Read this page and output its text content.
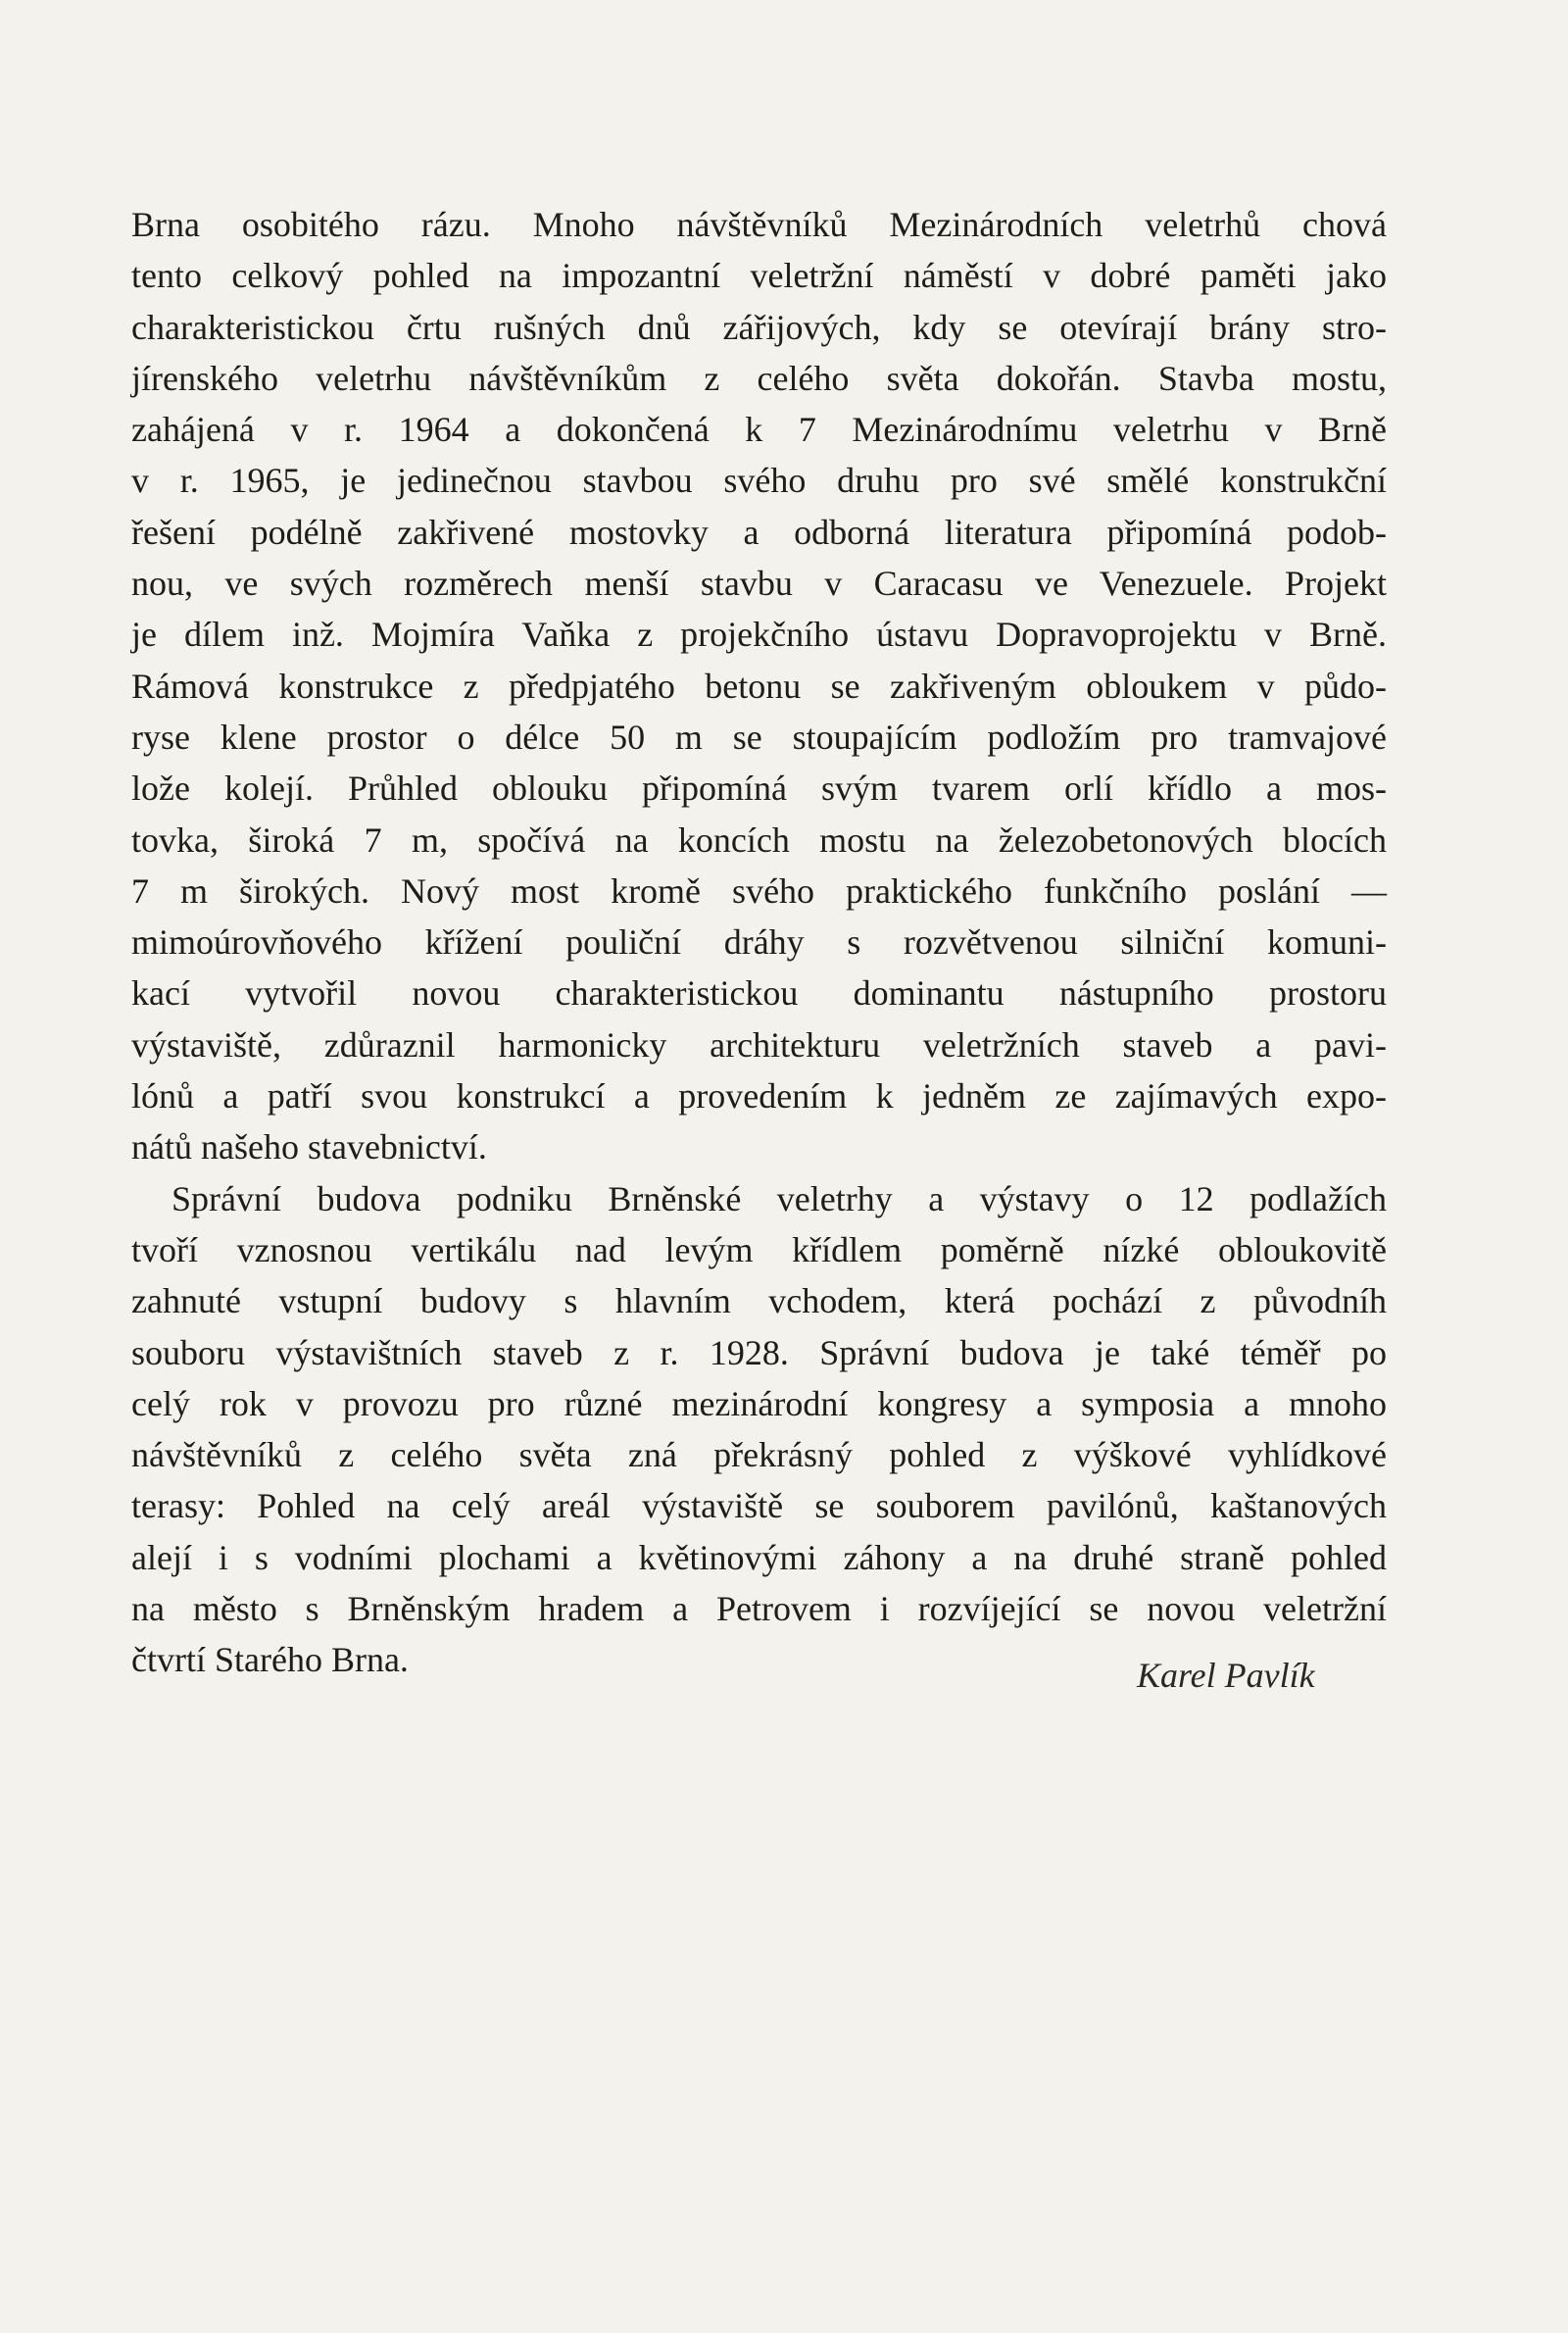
Brna osobitého rázu. Mnoho návštěvníků Mezinárodních veletrhů chová
tento celkový pohled na impozantní veletržní náměstí v dobré paměti jako
charakteristickou črtu rušných dnů zářijových, kdy se otevírají brány stro-
jírenského veletrhu návštěvníkům z celého světa dokořán. Stavba mostu,
zahájená v r. 1964 a dokončená k 7 Mezinárodnímu veletrhu v Brně
v r. 1965, je jedinečnou stavbou svého druhu pro své smělé konstrukční
řešení podélně zakřivené mostovky a odborná literatura připomíná podob-
nou, ve svých rozměrech menší stavbu v Caracasu ve Venezuele. Projekt
je dílem inž. Mojmíra Vaňka z projekčního ústavu Dopravoprojektu v Brně.
Rámová konstrukce z předpjatého betonu se zakřiveným obloukem v půdo-
ryse klene prostor o délce 50 m se stoupajícím podložím pro tramvajové
lože kolejí. Průhled oblouku připomíná svým tvarem orlí křídlo a mos-
tovka, široká 7 m, spočívá na koncích mostu na železobetonových blocích
7 m širokých. Nový most kromě svého praktického funkčního poslání —
mimoúrovňového křížení pouliční dráhy s rozvětvenou silniční komuni-
kací vytvořil novou charakteristickou dominantu nástupního prostoru
výstaviště, zdůraznil harmonicky architekturu veletržních staveb a pavi-
lónů a patří svou konstrukcí a provedením k jedněm ze zajímavých expo-
nátů našeho stavebnictví.
Správní budova podniku Brněnské veletrhy a výstavy o 12 podlažích
tvoří vznosnou vertikálu nad levým křídlem poměrně nízké obloukovitě
zahnuté vstupní budovy s hlavním vchodem, která pochází z původníh
souboru výstavištních staveb z r. 1928. Správní budova je také téměř po
celý rok v provozu pro různé mezinárodní kongresy a symposia a mnoho
návštěvníků z celého světa zná překrásný pohled z výškové vyhlídkové
terasy: Pohled na celý areál výstaviště se souborem pavilónů, kaštanových
alejí i s vodními plochami a květinovými záhony a na druhé straně pohled
na město s Brněnským hradem a Petrovem i rozvíjející se novou veletržní
čtvrtí Starého Brna.	Karel Pavlík
